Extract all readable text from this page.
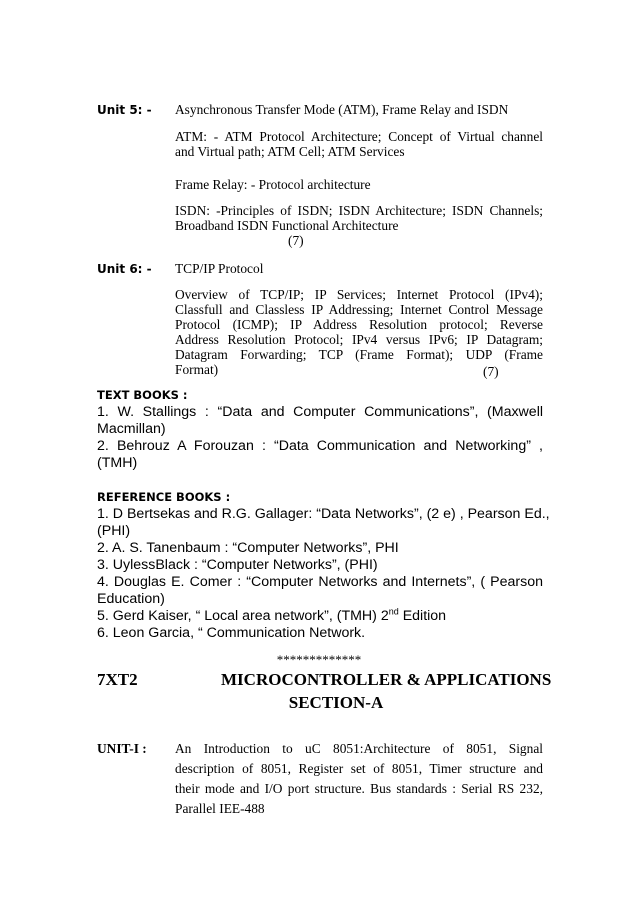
Unit 5: - Asynchronous Transfer Mode (ATM), Frame Relay and ISDN
ATM: - ATM Protocol Architecture; Concept of Virtual channel
and Virtual path; ATM Cell; ATM Services
Frame Relay: - Protocol architecture
ISDN: -Principles of ISDN; ISDN Architecture; ISDN Channels;
Broadband ISDN Functional Architecture
(7)
Unit 6: - TCP/IP Protocol
Overview of TCP/IP; IP Services; Internet Protocol (IPv4);
Classfull and Classless IP Addressing; Internet Control Message
Protocol (ICMP); IP Address Resolution protocol; Reverse
Address Resolution Protocol; IPv4 versus IPv6; IP Datagram;
Datagram Forwarding; TCP (Frame Format); UDP (Frame
Format)	(7)
TEXT BOOKS :
1. W. Stallings : “Data and Computer Communications”, (Maxwell
Macmillan)
2. Behrouz A Forouzan : “Data Communication and Networking” ,
(TMH)
REFERENCE BOOKS :
1. D Bertsekas and R.G. Gallager: “Data Networks”, (2 e) , Pearson Ed.,
(PHI)
2. A. S. Tanenbaum : “Computer Networks”, PHI
3. UylessBlack : “Computer Networks”, (PHI)
4. Douglas E. Comer : “Computer Networks and Internets”, ( Pearson
Education)
5. Gerd Kaiser, “ Local area network”, (TMH) 2nd Edition
6. Leon Garcia, “ Communication Network.
*************
7XT2	MICROCONTROLLER & APPLICATIONS
SECTION-A
UNIT-I : An Introduction to uC 8051:Architecture of 8051, Signal
description of 8051, Register set of 8051, Timer structure and
their mode and I/O port structure. Bus standards : Serial RS 232,
Parallel IEE-488
